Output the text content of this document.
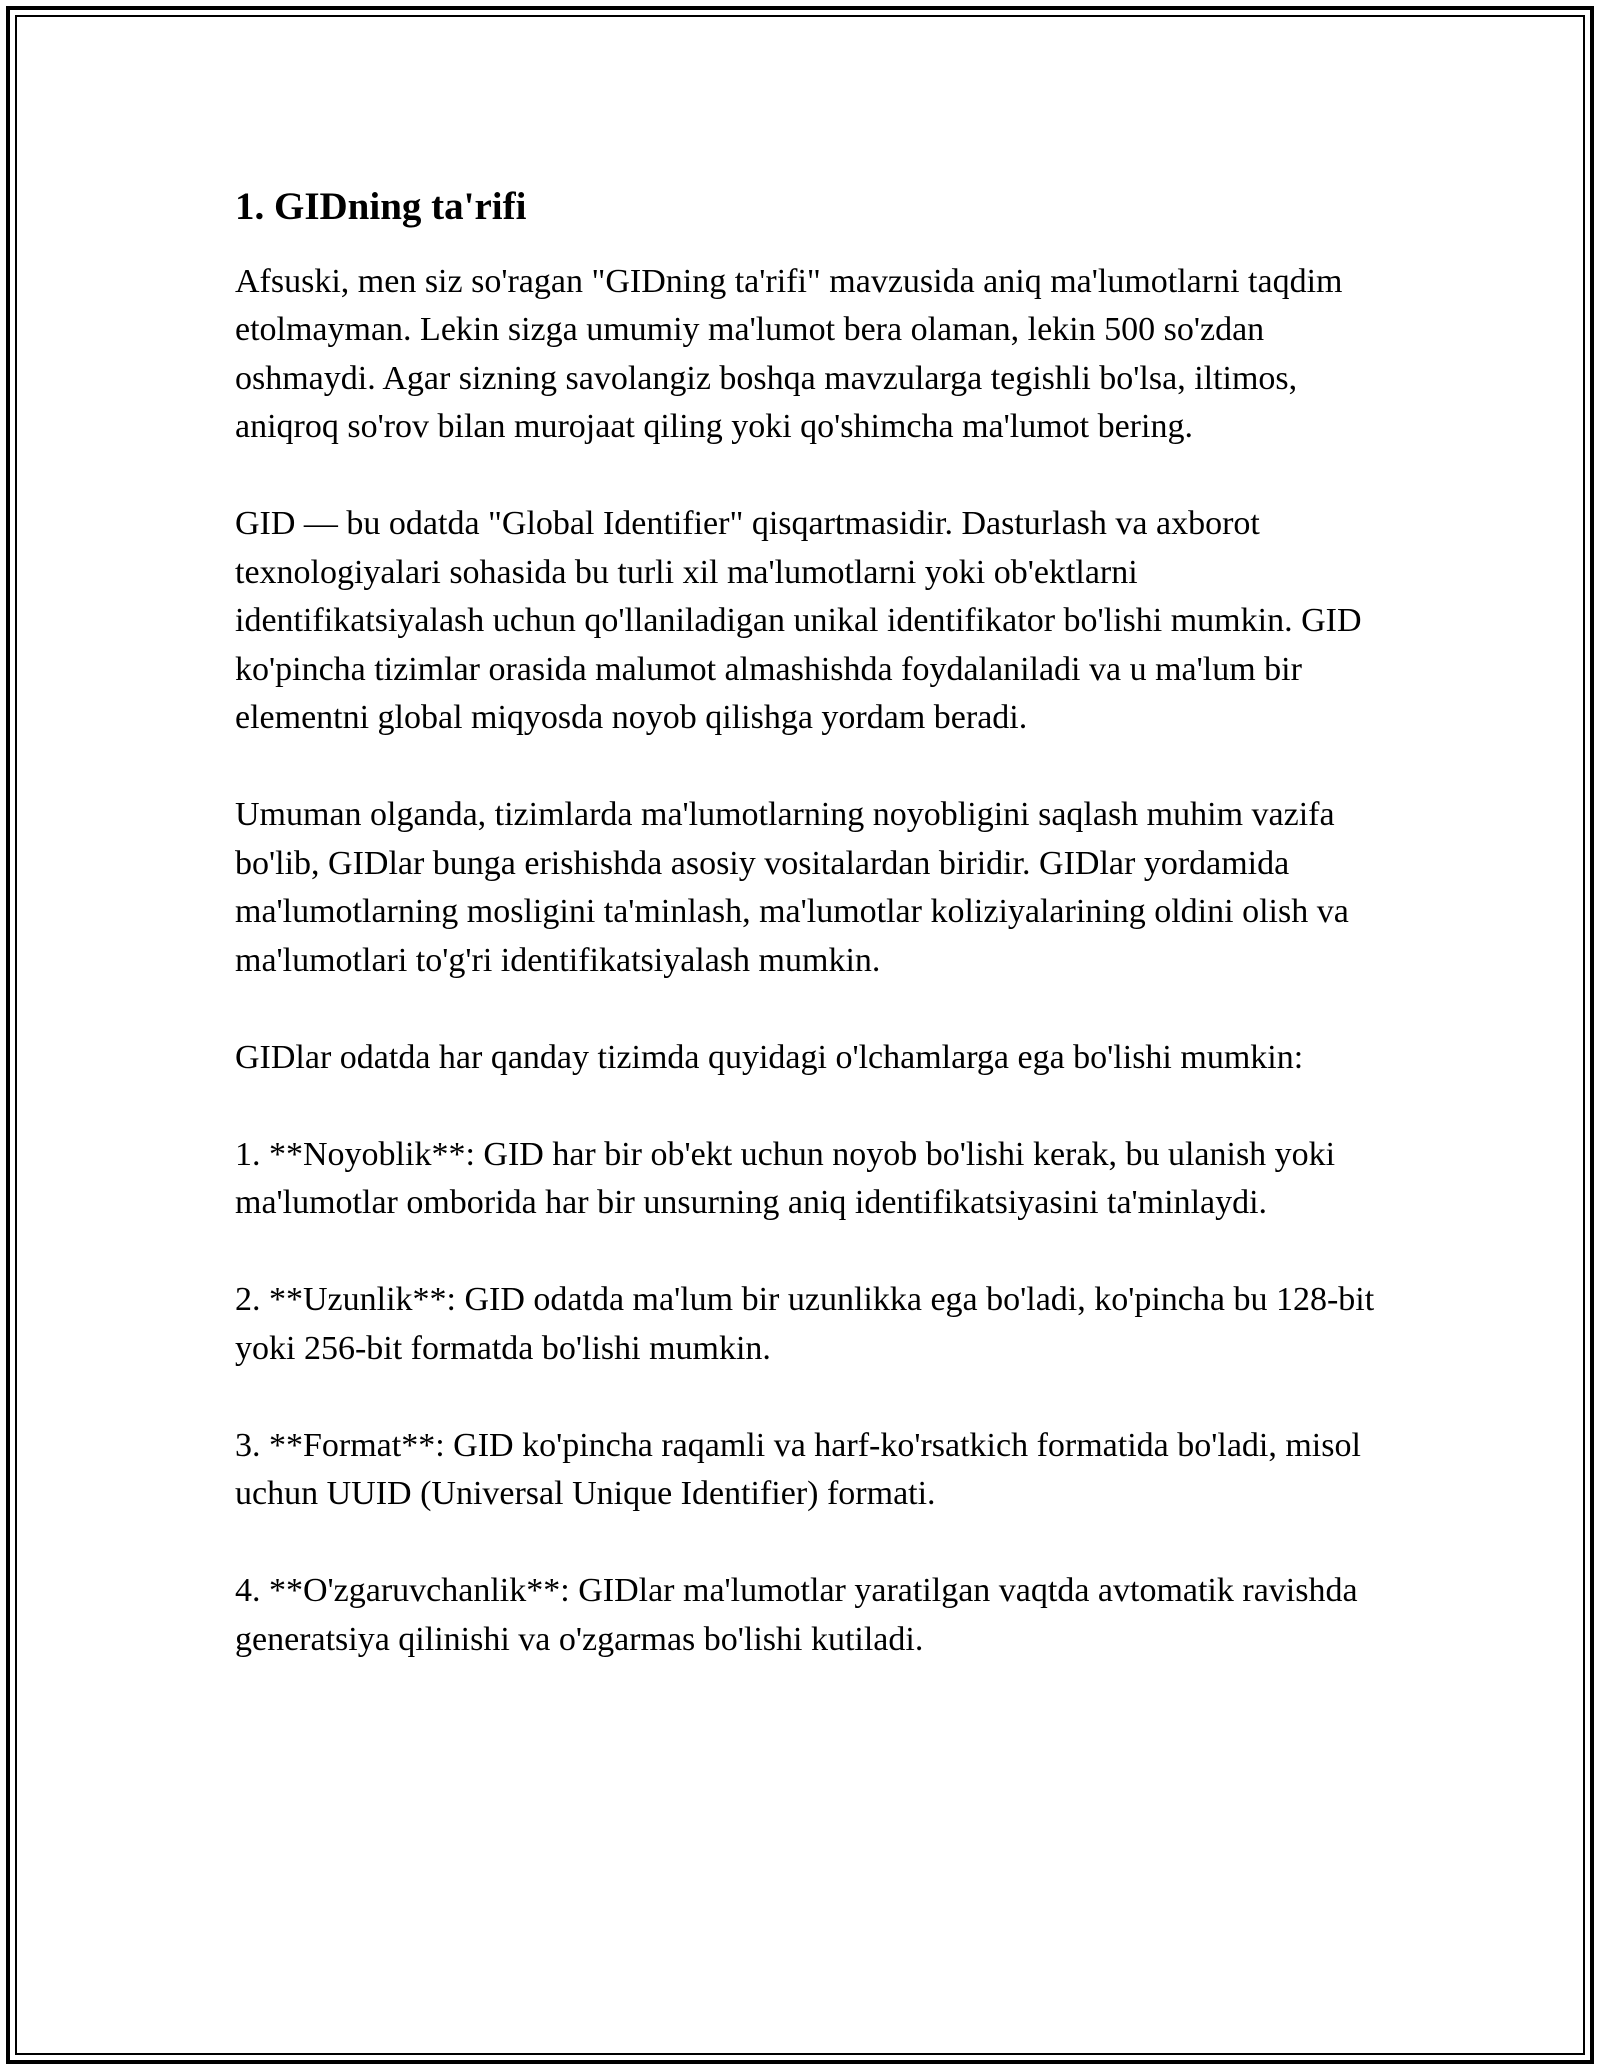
1. GIDning ta'rifi

Afsuski, men siz so'ragan "GIDning ta'rifi" mavzusida aniq ma'lumotlarni taqdim etolmayman. Lekin sizga umumiy ma'lumot bera olaman, lekin 500 so'zdan oshmaydi. Agar sizning savolangiz boshqa mavzularga tegishli bo'lsa, iltimos, aniqroq so'rov bilan murojaat qiling yoki qo'shimcha ma'lumot bering.

GID — bu odatda "Global Identifier" qisqartmasidir. Dasturlash va axborot texnologiyalari sohasida bu turli xil ma'lumotlarni yoki ob'ektlarni identifikatsiyalash uchun qo'llaniladigan unikal identifikator bo'lishi mumkin. GID ko'pincha tizimlar orasida malumot almashishda foydalaniladi va u ma'lum bir elementni global miqyosda noyob qilishga yordam beradi.

Umuman olganda, tizimlarda ma'lumotlarning noyobligini saqlash muhim vazifa bo'lib, GIDlar bunga erishishda asosiy vositalardan biridir. GIDlar yordamida ma'lumotlarning mosligini ta'minlash, ma'lumotlar koliziyalarining oldini olish va ma'lumotlari to'g'ri identifikatsiyalash mumkin.

GIDlar odatda har qanday tizimda quyidagi o'lchamlarga ega bo'lishi mumkin:

1. **Noyoblik**: GID har bir ob'ekt uchun noyob bo'lishi kerak, bu ulanish yoki ma'lumotlar omborida har bir unsurning aniq identifikatsiyasini ta'minlaydi.

2. **Uzunlik**: GID odatda ma'lum bir uzunlikka ega bo'ladi, ko'pincha bu 128-bit yoki 256-bit formatda bo'lishi mumkin.

3. **Format**: GID ko'pincha raqamli va harf-ko'rsatkich formatida bo'ladi, misol uchun UUID (Universal Unique Identifier) formati.

4. **O'zgaruvchanlik**: GIDlar ma'lumotlar yaratilgan vaqtda avtomatik ravishda generatsiya qilinishi va o'zgarmas bo'lishi kutiladi.
